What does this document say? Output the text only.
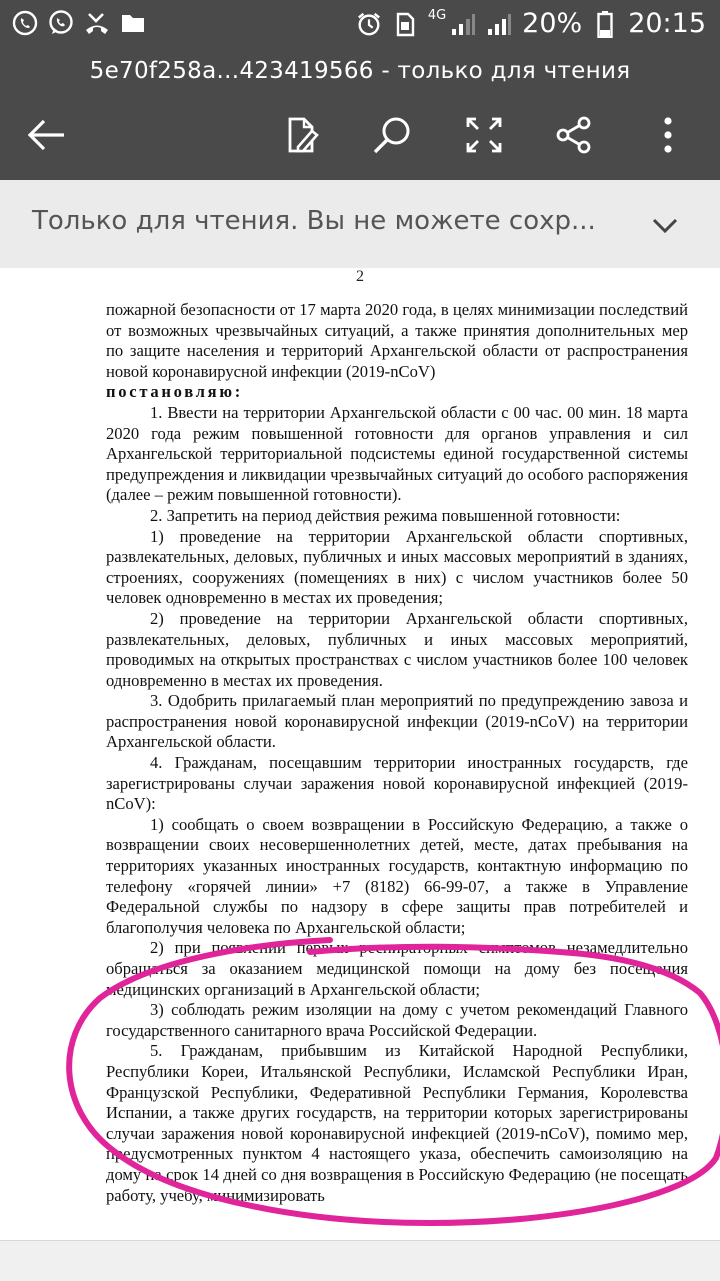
4G	20% 20:15
5e70f258a...423419566 - только для чтения
Только для чтения. Вы не можете сохр...
2

пожарной безопасности от 17 марта 2020 года, в целях минимизации последствий от возможных чрезвычайных ситуаций, а также принятия дополнительных мер по защите населения и территорий Архангельской области от распространения новой коронавирусной инфекции (2019-nCoV)

постановляю:

1. Ввести на территории Архангельской области с 00 час. 00 мин. 18 марта 2020 года режим повышенной готовности для органов управления и сил Архангельской территориальной подсистемы единой государственной системы предупреждения и ликвидации чрезвычайных ситуаций до особого распоряжения (далее – режим повышенной готовности).

2. Запретить на период действия режима повышенной готовности:

1) проведение на территории Архангельской области спортивных, развлекательных, деловых, публичных и иных массовых мероприятий в зданиях, строениях, сооружениях (помещениях в них) с числом участников более 50 человек одновременно в местах их проведения;

2) проведение на территории Архангельской области спортивных, развлекательных, деловых, публичных и иных массовых мероприятий, проводимых на открытых пространствах с числом участников более 100 человек одновременно в местах их проведения.

3. Одобрить прилагаемый план мероприятий по предупреждению завоза и распространения новой коронавирусной инфекции (2019-nCoV) на территории Архангельской области.

4. Гражданам, посещавшим территории иностранных государств, где зарегистрированы случаи заражения новой коронавирусной инфекцией (2019-nCoV):

1) сообщать о своем возвращении в Российскую Федерацию, а также о возвращении своих несовершеннолетних детей, месте, датах пребывания на территориях указанных иностранных государств, контактную информацию по телефону «горячей линии» +7 (8182) 66-99-07, а также в Управление Федеральной службы по надзору в сфере защиты прав потребителей и благополучия человека по Архангельской области;

2) при появлении первых респираторных симптомов незамедлительно обращаться за оказанием медицинской помощи на дому без посещения медицинских организаций в Архангельской области;

3) соблюдать режим изоляции на дому с учетом рекомендаций Главного государственного санитарного врача Российской Федерации.

5. Гражданам, прибывшим из Китайской Народной Республики, Республики Кореи, Итальянской Республики, Исламской Республики Иран, Французской Республики, Федеративной Республики Германия, Королевства Испании, а также других государств, на территории которых зарегистрированы случаи заражения новой коронавирусной инфекцией (2019-nCoV), помимо мер, предусмотренных пунктом 4 настоящего указа, обеспечить самоизоляцию на дому на срок 14 дней со дня возвращения в Российскую Федерацию (не посещать работу, учебу, минимизировать
